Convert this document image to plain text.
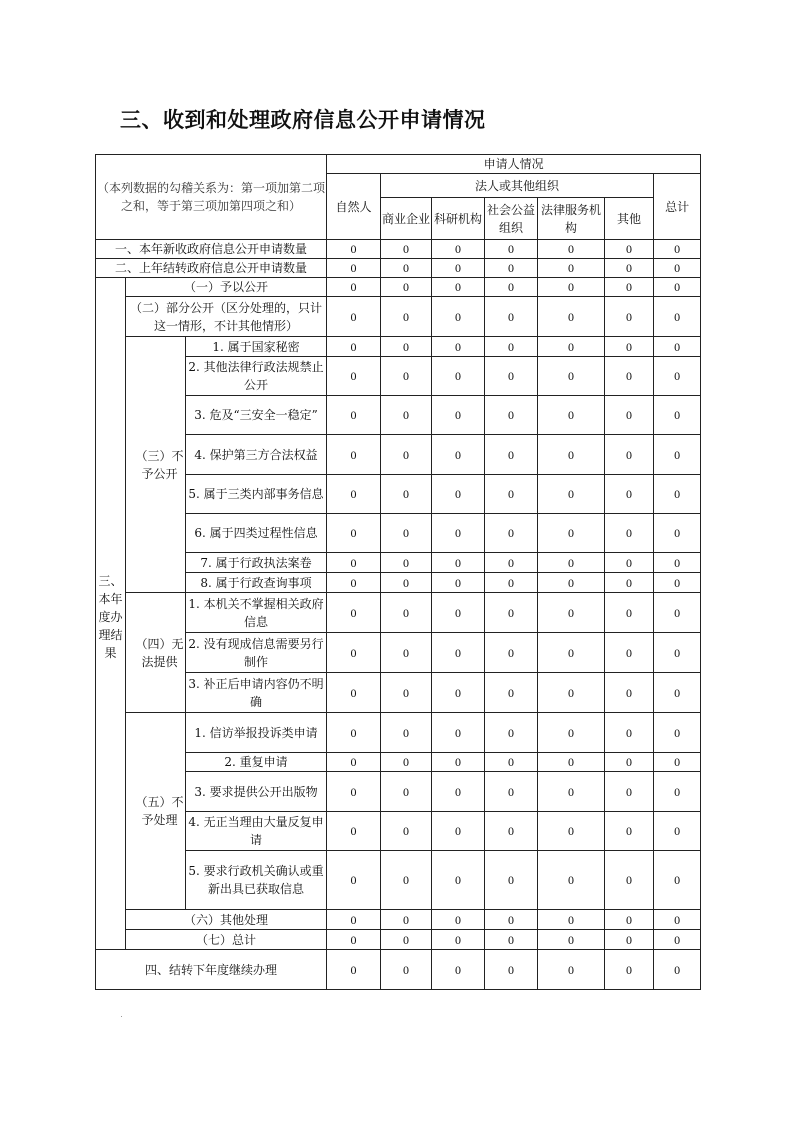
三、收到和处理政府信息公开申请情况
（本列数据的勾稽关系为：第一项加第二项之和，等于第三项加第四项之和）			申请人情况						
			自然人	法人或其他组织					总计
				商业企业	科研机构	社会公益组织	法律服务机构	其他	
一、本年新收政府信息公开申请数量			0	0	0	0	0	0	0
二、上年结转政府信息公开申请数量			0	0	0	0	0	0	0
三、本年度办理结果	（一）予以公开		0	0	0	0	0	0	0
	（二）部分公开（区分处理的，只计这一情形，不计其他情形）		0	0	0	0	0	0	0
	（三）不予公开	1. 属于国家秘密	0	0	0	0	0	0	0
		2. 其他法律行政法规禁止公开	0	0	0	0	0	0	0
		3. 危及“三安全一稳定”	0	0	0	0	0	0	0
		4. 保护第三方合法权益	0	0	0	0	0	0	0
		5. 属于三类内部事务信息	0	0	0	0	0	0	0
		6. 属于四类过程性信息	0	0	0	0	0	0	0
		7. 属于行政执法案卷	0	0	0	0	0	0	0
		8. 属于行政查询事项	0	0	0	0	0	0	0
	（四）无法提供	1. 本机关不掌握相关政府信息	0	0	0	0	0	0	0
		2. 没有现成信息需要另行制作	0	0	0	0	0	0	0
		3. 补正后申请内容仍不明确	0	0	0	0	0	0	0
	（五）不予处理	1. 信访举报投诉类申请	0	0	0	0	0	0	0
		2. 重复申请	0	0	0	0	0	0	0
		3. 要求提供公开出版物	0	0	0	0	0	0	0
		4. 无正当理由大量反复申请	0	0	0	0	0	0	0
		5. 要求行政机关确认或重新出具已获取信息	0	0	0	0	0	0	0
	（六）其他处理		0	0	0	0	0	0	0
	（七）总计		0	0	0	0	0	0	0
四、结转下年度继续办理			0	0	0	0	0	0	0
